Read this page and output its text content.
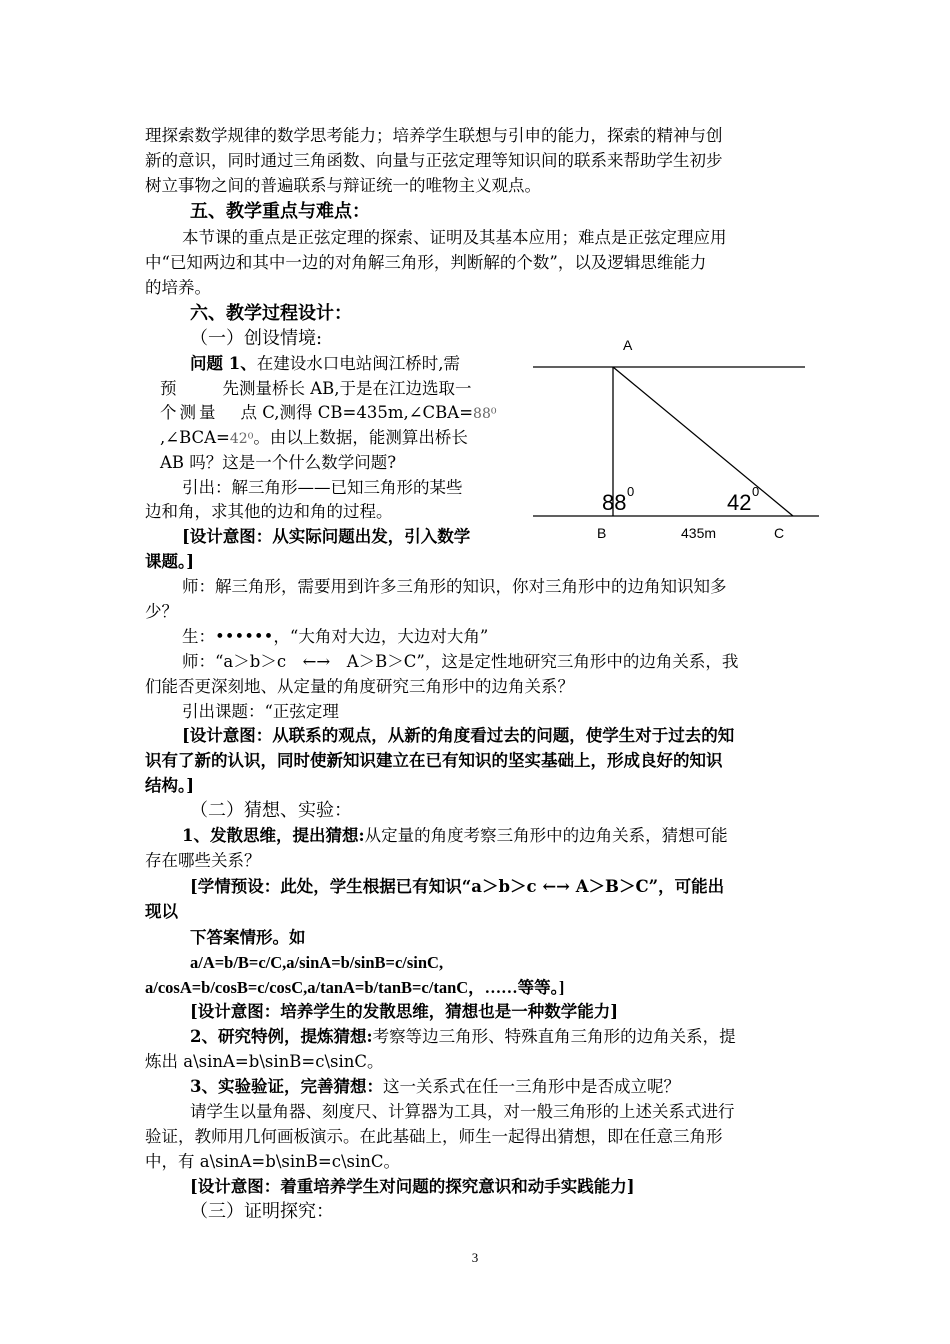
理探索数学规律的数学思考能力；培养学生联想与引申的能力，探索的精神与创
新的意识，同时通过三角函数、向量与正弦定理等知识间的联系来帮助学生初步
树立事物之间的普遍联系与辩证统一的唯物主义观点。
五、教学重点与难点：
本节课的重点是正弦定理的探索、证明及其基本应用；难点是正弦定理应用
中“已知两边和其中一边的对角解三角形，判断解的个数”，以及逻辑思维能力
的培养。
六、教学过程设计：
（一）创设情境:
问题 1、在建设水口电站闽江桥时,需
预	先测量桥长 AB,于是在江边选取一
个测量 点 C,测得 CB=435m,∠CBA=88⁰
,∠BCA=42⁰。由以上数据，能测算出桥长
AB 吗？这是一个什么数学问题?
引出：解三角形——已知三角形的某些
边和角，求其他的边和角的过程。
[设计意图：从实际问题出发，引入数学
课题。]
A
B	C
435m
88 0	42 0
师：解三角形，需要用到许多三角形的知识，你对三角形中的边角知识知多
少？
生：••••••，“大角对大边，大边对大角”
师：“a＞b＞c　←→　A＞B＞C”，这是定性地研究三角形中的边角关系，我
们能否更深刻地、从定量的角度研究三角形中的边角关系？
引出课题：“正弦定理
[设计意图：从联系的观点，从新的角度看过去的问题，使学生对于过去的知
识有了新的认识，同时使新知识建立在已有知识的坚实基础上，形成良好的知识
结构。]
（二）猜想、实验：
1、发散思维，提出猜想:从定量的角度考察三角形中的边角关系，猜想可能
存在哪些关系？
[学情预设：此处，学生根据已有知识“a＞b＞c ←→ A＞B＞C”，可能出
现以
下答案情形。如
a/A=b/B=c/C,a/sinA=b/sinB=c/sinC,
a/cosA=b/cosB=c/cosC,a/tanA=b/tanB=c/tanC，……等等。]
[设计意图：培养学生的发散思维，猜想也是一种数学能力]
2、研究特例，提炼猜想:考察等边三角形、特殊直角三角形的边角关系，提
炼出 a\sinA=b\sinB=c\sinC。
3、实验验证，完善猜想：这一关系式在任一三角形中是否成立呢？
请学生以量角器、刻度尺、计算器为工具，对一般三角形的上述关系式进行
验证，教师用几何画板演示。在此基础上，师生一起得出猜想，即在任意三角形
中，有 a\sinA=b\sinB=c\sinC。
[设计意图：着重培养学生对问题的探究意识和动手实践能力]
（三）证明探究：
3
